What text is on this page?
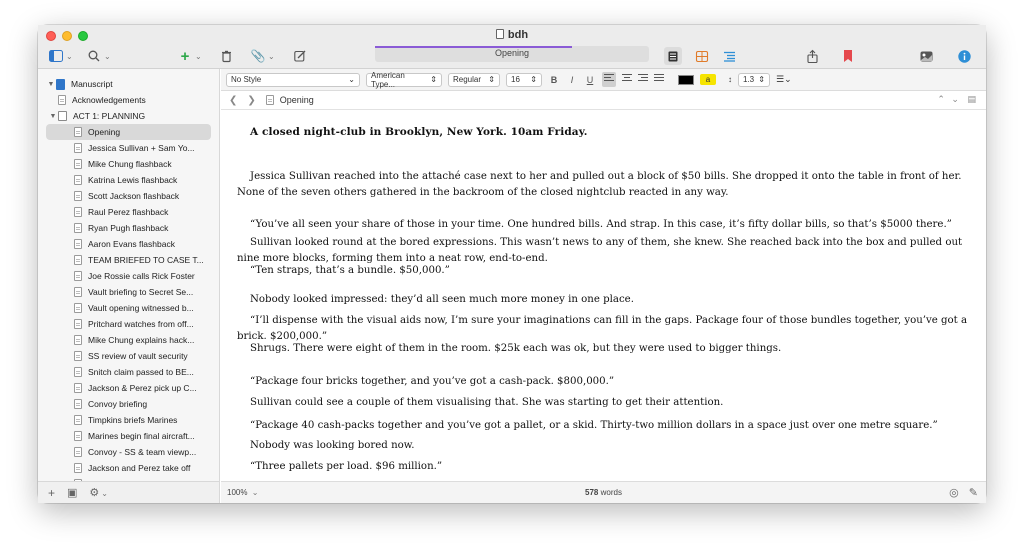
bdh
⌄	⌄	+ ⌄	📎 ⌄	Opening
▼ Manuscript
Acknowledgements
▼ ACT 1: PLANNING
Opening
Jessica Sullivan + Sam Yo...
Mike Chung flashback
Katrina Lewis flashback
Scott Jackson flashback
Raul Perez flashback
Ryan Pugh flashback
Aaron Evans flashback
TEAM BRIEFED TO CASE T...
Joe Rossie calls Rick Foster
Vault briefing to Secret Se...
Vault opening witnessed b...
Pritchard watches from off...
Mike Chung explains hack...
SS review of vault security
Snitch claim passed to BE...
Jackson & Perez pick up C...
Convoy briefing
Timpkins briefs Marines
Marines begin final aircraft...
Convoy - SS & team viewp...
Jackson and Perez take off
+ ▣ ⚙ ⌄
No Style	⌄ American Type...	⇕ Regular ⇕ 16 ⇕	B	I	U	a	↕ 1.3 ⇕ ☰⌄
❮ ❯	Opening	⌃ ⌄ ▤
A closed night-club in Brooklyn, New York. 10am Friday.
Jessica Sullivan reached into the attaché case next to her and pulled out a block of $50 bills. She dropped it onto the table in front of her. None of the seven others gathered in the backroom of the closed nightclub reacted in any way.
“You’ve all seen your share of those in your time. One hundred bills. And strap. In this case, it’s fifty dollar bills, so that’s $5000 there.”
Sullivan looked round at the bored expressions. This wasn’t news to any of them, she knew. She reached back into the box and pulled out nine more blocks, forming them into a neat row, end-to-end.
“Ten straps, that’s a bundle. $50,000.”
Nobody looked impressed: they’d all seen much more money in one place.
“I’ll dispense with the visual aids now, I’m sure your imaginations can fill in the gaps. Package four of those bundles together, you’ve got a brick. $200,000.”
Shrugs. There were eight of them in the room. $25k each was ok, but they were used to bigger things.
“Package four bricks together, and you’ve got a cash-pack. $800,000.”
Sullivan could see a couple of them visualising that. She was starting to get their attention.
“Package 40 cash-packs together and you’ve got a pallet, or a skid. Thirty-two million dollars in a space just over one metre square.”
Nobody was looking bored now.
“Three pallets per load. $96 million.”
100% ⌄	578 words	◎ ✎
